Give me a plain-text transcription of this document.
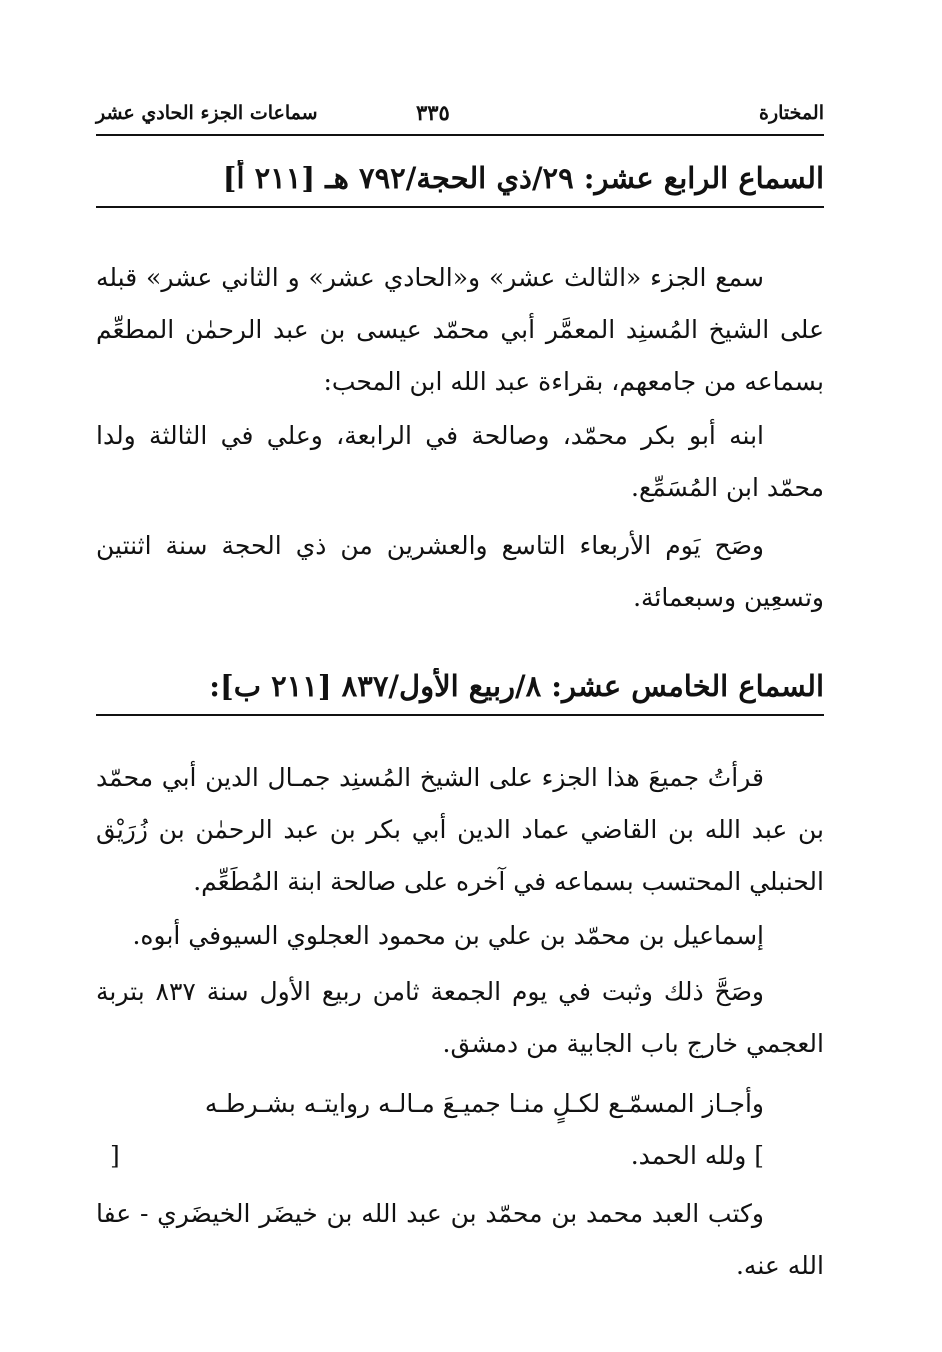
المختارة
٣٣٥
سماعات الجزء الحادي عشر
السماع الرابع عشر: ٢٩/ذي الحجة/٧٩٢ هـ [٢١١ أ]
سمع الجزء «الثالث عشر» و«الحادي عشر» و الثاني عشر» قبله على الشيخ المُسنِد المعمَّر أبي محمّد عيسى بن عبد الرحمٰن المطعِّم بسماعه من جامعهم، بقراءة عبد الله ابن المحب:
ابنه أبو بكر محمّد، وصالحة في الرابعة، وعلي في الثالثة ولدا محمّد ابن المُسَمِّع.
وصَح يَوم الأربعاء التاسع والعشرين من ذي الحجة سنة اثنتين وتسعِين وسبعمائة.
السماع الخامس عشر: ٨/ربيع الأول/٨٣٧ [٢١١ ب]:
قرأتُ جميعَ هذا الجزء على الشيخ المُسنِد جمـال الدين أبي محمّد بن عبد الله بن القاضي عماد الدين أبي بكر بن عبد الرحمٰن بن زُرَيْق الحنبلي المحتسب بسماعه في آخره على صالحة ابنة المُطَعِّم.
إسماعيل بن محمّد بن علي بن محمود العجلوي السيوفي أبوه.
وصَحَّ ذلك وثبت في يوم الجمعة ثامن ربيع الأول سنة ٨٣٧ بتربة العجمي خارج باب الجابية من دمشق.
وأجـاز المسمّـع لكـلٍ منـا جميـعَ مـالـه روايتـه بشـرطـه
] ولله الحمد.
[
وكتب العبد محمد بن محمّد بن عبد الله بن خيضَر الخيضَري - عفا الله عنه.
